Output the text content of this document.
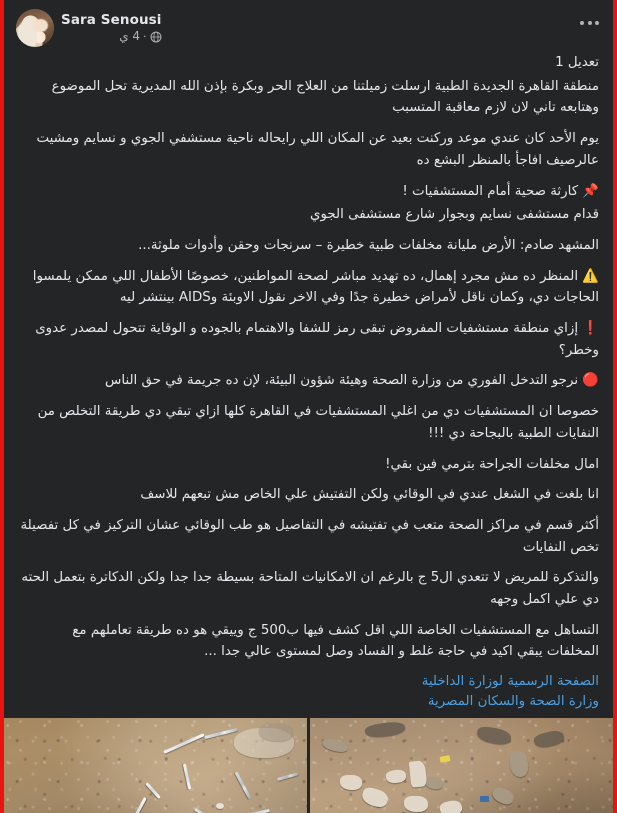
Sara Senousi
·
4 ي
تعديل 1
منطقة القاهرة الجديدة الطبية ارسلت زميلتنا من العلاج الحر وبكرة بإذن الله المديرية تحل الموضوع وهتابعه تاني لان لازم معاقبة المتسبب
يوم الأحد كان عندي موعد وركنت بعيد عن المكان اللي رايحاله ناحية مستشفي الجوي و نسايم ومشيت عالرصيف افاجأ بالمنظر البشع ده
📌 كارثة صحية أمام المستشفيات !
قدام مستشفى نسايم وبجوار شارع مستشفى الجوي
المشهد صادم: الأرض مليانة مخلفات طبية خطيرة – سرنجات وحقن وأدوات ملوثة...
⚠️ المنظر ده مش مجرد إهمال، ده تهديد مباشر لصحة المواطنين، خصوصًا الأطفال اللي ممكن يلمسوا الحاجات دي، وكمان ناقل لأمراض خطيرة جدًا وفي الاخر نقول الاوبئة وAIDS بينتشر ليه
❗ إزاي منطقة مستشفيات المفروض تبقى رمز للشفا والاهتمام بالجوده و الوقاية تتحول لمصدر عدوى وخطر؟
🔴 نرجو التدخل الفوري من وزارة الصحة وهيئة شؤون البيئة، لإن ده جريمة في حق الناس
خصوصا ان المستشفيات دي من اغلي المستشفيات في القاهرة كلها ازاي تبقي دي طريقة التخلص من النفايات الطبية بالبجاحة دي !!!
امال مخلفات الجراحة بترمي فين بقي!
انا بلغت في الشغل عندي في الوقائي ولكن التفتيش علي الخاص مش تبعهم للاسف
أكثر قسم في مراكز الصحة متعب في تفتيشه في التفاصيل هو طب الوقائي عشان التركيز في كل تفصيلة تخص النفايات
والتذكرة للمريض لا تتعدي ال5 ج بالرغم ان الامكانيات المتاحة بسيطة جدا جدا ولكن الدكاترة بتعمل الحته دي علي اكمل وجهه
التساهل مع المستشفيات الخاصة اللي اقل كشف فيها ب500 ج وييقي هو ده طريقة تعاملهم مع المخلفات يبقي اكيد في حاجة غلط و الفساد وصل لمستوى عالي جدا ...
الصفحة الرسمية لوزارة الداخلية
وزارة الصحة والسكان المصرية
